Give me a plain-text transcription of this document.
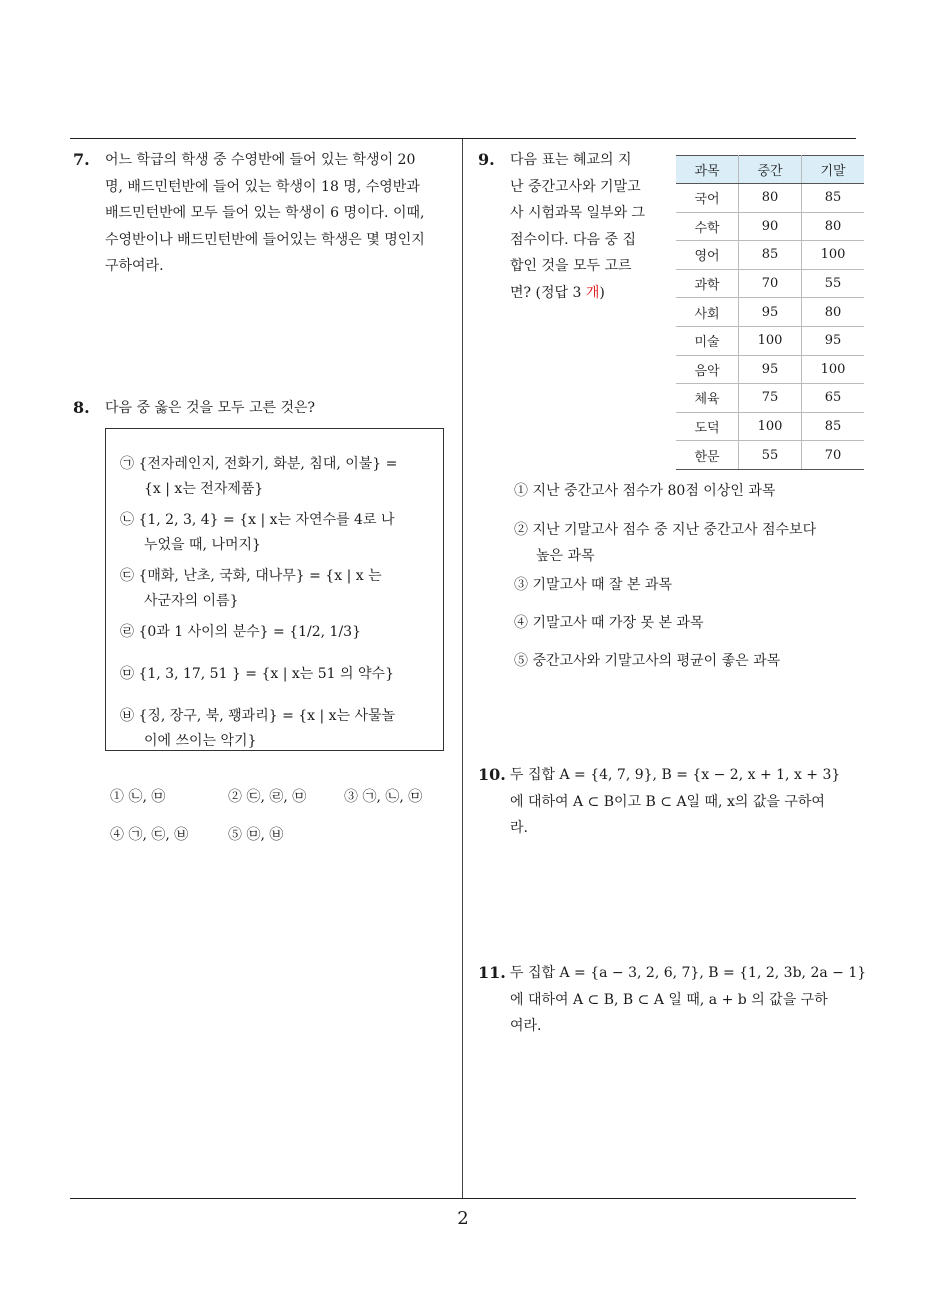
7. 어느 학급의 학생 중 수영반에 들어 있는 학생이 20
명, 배드민턴반에 들어 있는 학생이 18 명, 수영반과
배드민턴반에 모두 들어 있는 학생이 6 명이다. 이때,
수영반이나 배드민턴반에 들어있는 학생은 몇 명인지
구하여라.
8. 다음 중 옳은 것을 모두 고른 것은?
㉠ {전자레인지, 전화기, 화분, 침대, 이불} =
{x | x는 전자제품}
㉡ {1, 2, 3, 4} = {x | x는 자연수를 4로 나
누었을 때, 나머지}
㉢ {매화, 난초, 국화, 대나무} = {x | x 는
사군자의 이름}
㉣ {0과 1 사이의 분수} = {1/2, 1/3}
㉤ {1, 3, 17, 51 } = {x | x는 51 의 약수}
㉥ {징, 장구, 북, 꽹과리} = {x | x는 사물놀
이에 쓰이는 악기}
① ㉡, ㉤	② ㉢, ㉣, ㉤	③ ㉠, ㉡, ㉤
④ ㉠, ㉢, ㉥	⑤ ㉤, ㉥
9. 다음 표는 혜교의 지
난 중간고사와 기말고
사 시험과목 일부와 그
점수이다. 다음 중 집
합인 것을 모두 고르
면? (정답 3 개)
과목	중간	기말
국어	80	85
수학	90	80
영어	85	100
과학	70	55
사회	95	80
미술	100	95
음악	95	100
체육	75	65
도덕	100	85
한문	55	70
① 지난 중간고사 점수가 80점 이상인 과목
② 지난 기말고사 점수 중 지난 중간고사 점수보다
높은 과목
③ 기말고사 때 잘 본 과목
④ 기말고사 때 가장 못 본 과목
⑤ 중간고사와 기말고사의 평균이 좋은 과목
10. 두 집합 A = {4, 7, 9}, B = {x − 2, x + 1, x + 3}
에 대하여 A ⊂ B이고 B ⊂ A일 때, x의 값을 구하여
라.
11. 두 집합 A = {a − 3, 2, 6, 7}, B = {1, 2, 3b, 2a − 1}
에 대하여 A ⊂ B, B ⊂ A 일 때, a + b 의 값을 구하
여라.
2
